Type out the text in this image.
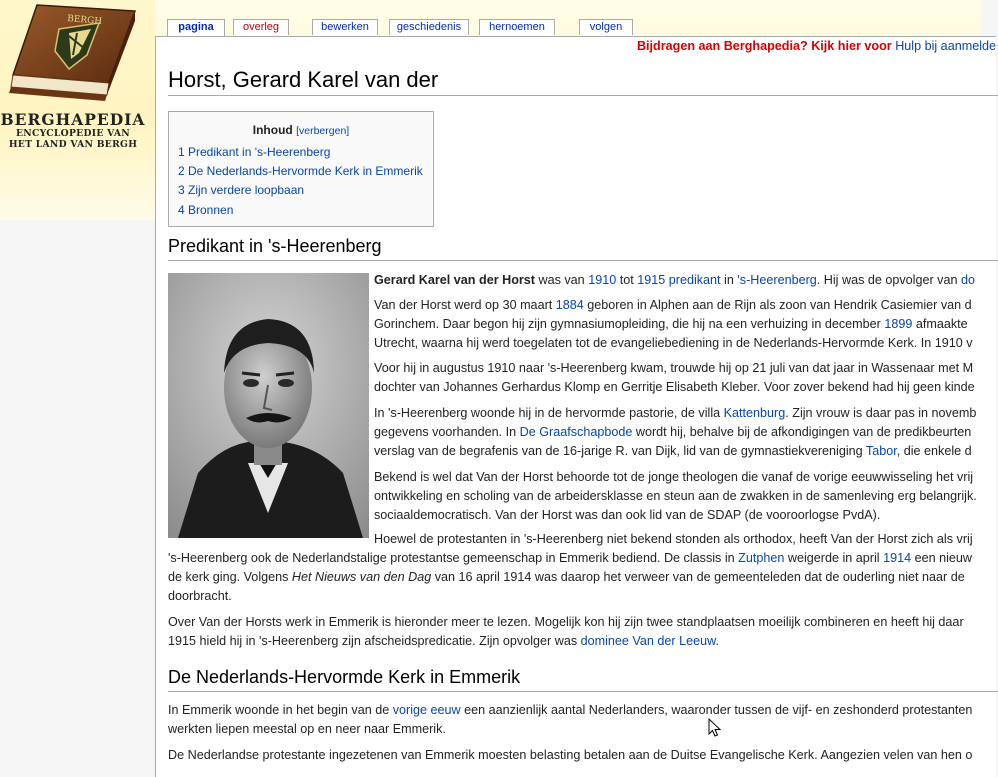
BERGH
BERGHAPEDIA
ENCYCLOPEDIE VAN
HET LAND VAN BERGH
pagina	overleg	bewerken	geschiedenis	hernoemen	volgen
Bijdragen aan Berghapedia? Kijk hier voor Hulp bij aanmelde
Horst, Gerard Karel van der
Inhoud [verbergen]
1 Predikant in 's-Heerenberg
2 De Nederlands-Hervormde Kerk in Emmerik
3 Zijn verdere loopbaan
4 Bronnen
Predikant in 's-Heerenberg
Gerard Karel van der Horst was van 1910 tot 1915 predikant in 's-Heerenberg. Hij was de opvolger van do
Van der Horst werd op 30 maart 1884 geboren in Alphen aan de Rijn als zoon van Hendrik Casiemier van d
Gorinchem. Daar begon hij zijn gymnasiumopleiding, die hij na een verhuizing in december 1899 afmaakte
Utrecht, waarna hij werd toegelaten tot de evangeliebediening in de Nederlands-Hervormde Kerk. In 1910 v
Voor hij in augustus 1910 naar 's-Heerenberg kwam, trouwde hij op 21 juli van dat jaar in Wassenaar met M
dochter van Johannes Gerhardus Klomp en Gerritje Elisabeth Kleber. Voor zover bekend had hij geen kinde
In 's-Heerenberg woonde hij in de hervormde pastorie, de villa Kattenburg. Zijn vrouw is daar pas in novemb
gegevens voorhanden. In De Graafschapbode wordt hij, behalve bij de afkondigingen van de predikbeurten
verslag van de begrafenis van de 16-jarige R. van Dijk, lid van de gymnastiekvereniging Tabor, die enkele d
Bekend is wel dat Van der Horst behoorde tot de jonge theologen die vanaf de vorige eeuwwisseling het vrij
ontwikkeling en scholing van de arbeidersklasse en steun aan de zwakken in de samenleving erg belangrijk.
sociaaldemocratisch. Van der Horst was dan ook lid van de SDAP (de vooroorlogse PvdA).
Hoewel de protestanten in 's-Heerenberg niet bekend stonden als orthodox, heeft Van der Horst zich als vrij
's-Heerenberg ook de Nederlandstalige protestantse gemeenschap in Emmerik bediend. De classis in Zutphen weigerde in april 1914 een nieuw
de kerk ging. Volgens Het Nieuws van den Dag van 16 april 1914 was daarop het verweer van de gemeenteleden dat de ouderling niet naar de
doorbracht.
Over Van der Horsts werk in Emmerik is hieronder meer te lezen. Mogelijk kon hij zijn twee standplaatsen moeilijk combineren en heeft hij daar
1915 hield hij in 's-Heerenberg zijn afscheidspredicatie. Zijn opvolger was dominee Van der Leeuw.
De Nederlands-Hervormde Kerk in Emmerik
In Emmerik woonde in het begin van de vorige eeuw een aanzienlijk aantal Nederlanders, waaronder tussen de vijf- en zeshonderd protestanten
werkten liepen meestal op en neer naar Emmerik.
De Nederlandse protestante ingezetenen van Emmerik moesten belasting betalen aan de Duitse Evangelische Kerk. Aangezien velen van hen o
